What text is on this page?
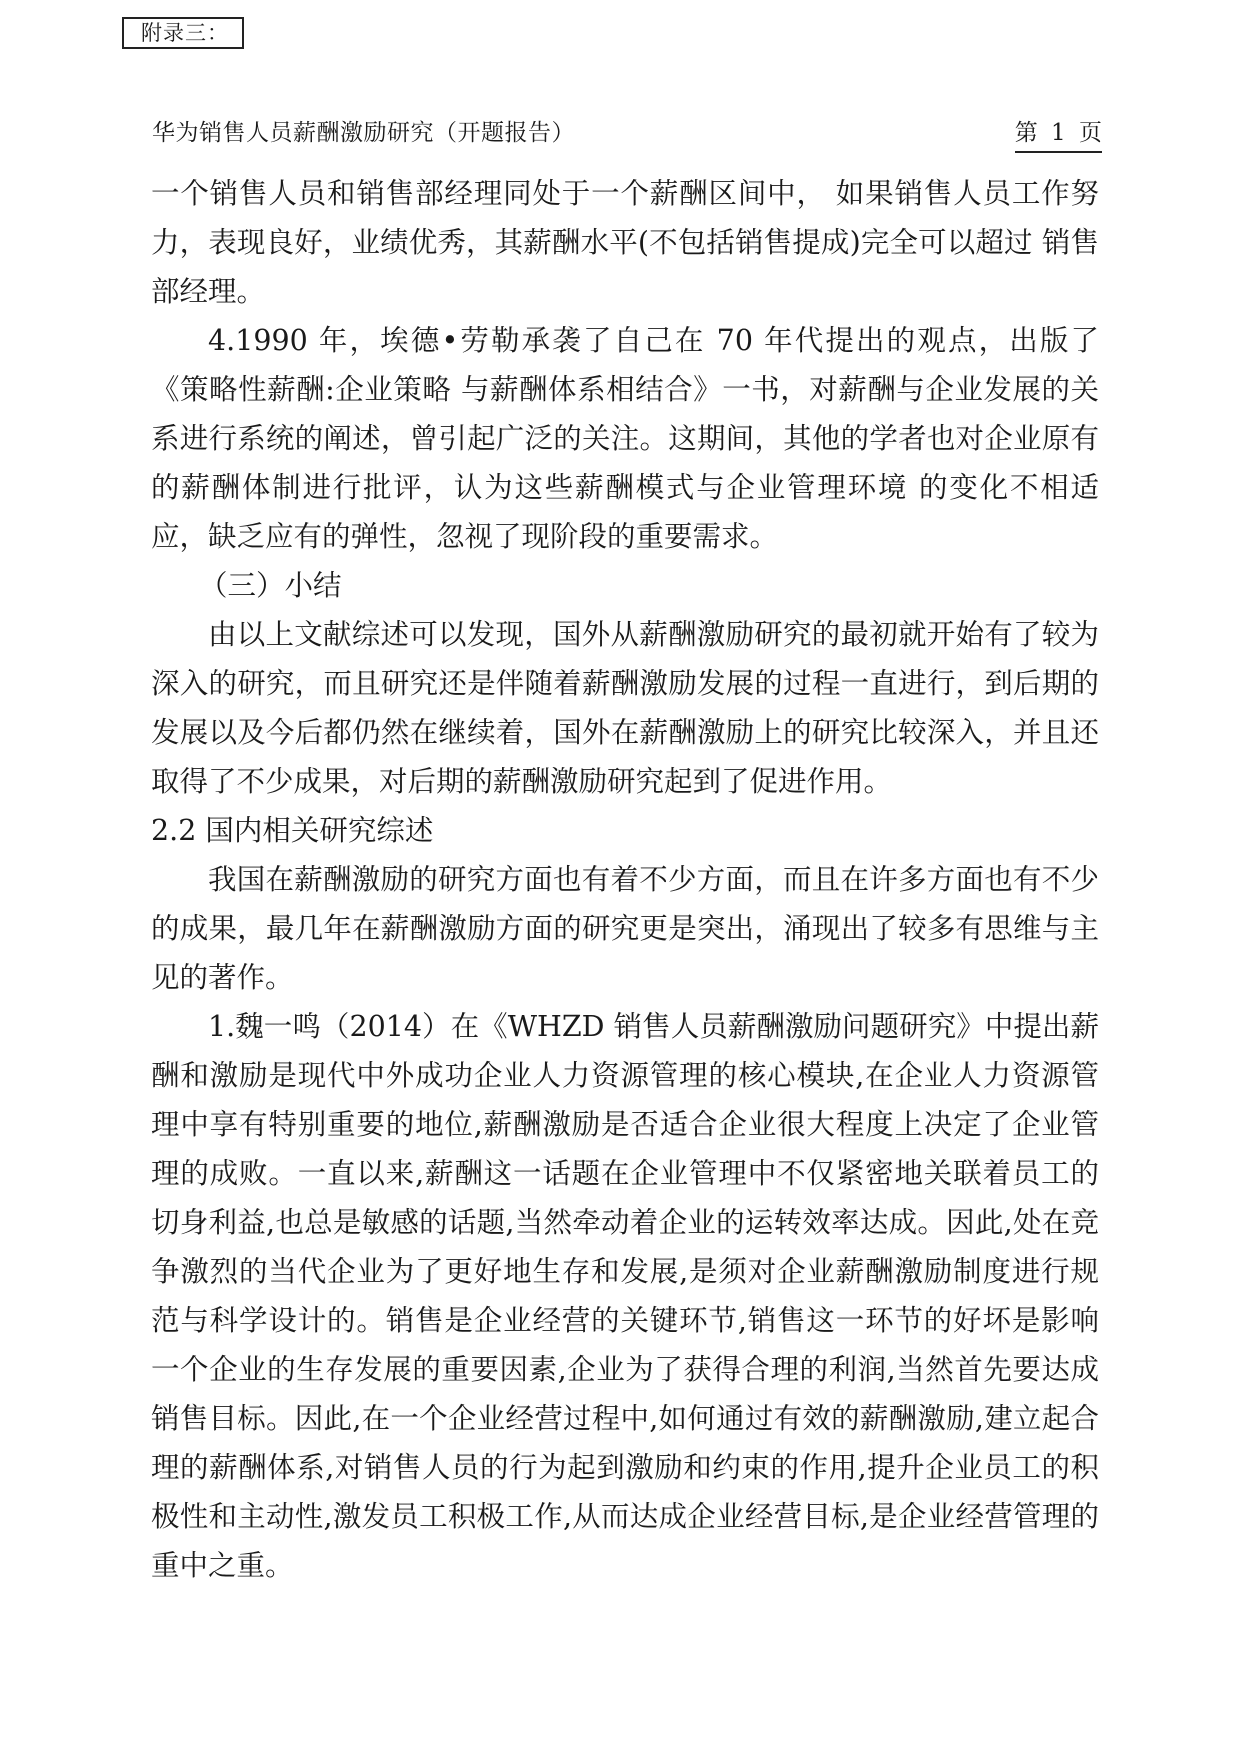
附录三：
华为销售人员薪酬激励研究（开题报告）	第 1 页

一个销售人员和销售部经理同处于一个薪酬区间中， 如果销售人员工作努力，表现良好，业绩优秀，其薪酬水平(不包括销售提成)完全可以超过 销售部经理。

4.1990 年，埃德•劳勒承袭了自己在 70 年代提出的观点，出版了《策略性薪酬:企业策略 与薪酬体系相结合》一书，对薪酬与企业发展的关系进行系统的阐述，曾引起广泛的关注。这期间，其他的学者也对企业原有的薪酬体制进行批评，认为这些薪酬模式与企业管理环境 的变化不相适应，缺乏应有的弹性，忽视了现阶段的重要需求。

（三）小结

由以上文献综述可以发现，国外从薪酬激励研究的最初就开始有了较为深入的研究，而且研究还是伴随着薪酬激励发展的过程一直进行，到后期的发展以及今后都仍然在继续着，国外在薪酬激励上的研究比较深入，并且还取得了不少成果，对后期的薪酬激励研究起到了促进作用。

2.2 国内相关研究综述

我国在薪酬激励的研究方面也有着不少方面，而且在许多方面也有不少的成果，最几年在薪酬激励方面的研究更是突出，涌现出了较多有思维与主见的著作。

1.魏一鸣（2014）在《WHZD 销售人员薪酬激励问题研究》中提出薪酬和激励是现代中外成功企业人力资源管理的核心模块,在企业人力资源管理中享有特别重要的地位,薪酬激励是否适合企业很大程度上决定了企业管理的成败。一直以来,薪酬这一话题在企业管理中不仅紧密地关联着员工的切身利益,也总是敏感的话题,当然牵动着企业的运转效率达成。因此,处在竞争激烈的当代企业为了更好地生存和发展,是须对企业薪酬激励制度进行规范与科学设计的。销售是企业经营的关键环节,销售这一环节的好坏是影响一个企业的生存发展的重要因素,企业为了获得合理的利润,当然首先要达成销售目标。因此,在一个企业经营过程中,如何通过有效的薪酬激励,建立起合理的薪酬体系,对销售人员的行为起到激励和约束的作用,提升企业员工的积极性和主动性,激发员工积极工作,从而达成企业经营目标,是企业经营管理的重中之重。
